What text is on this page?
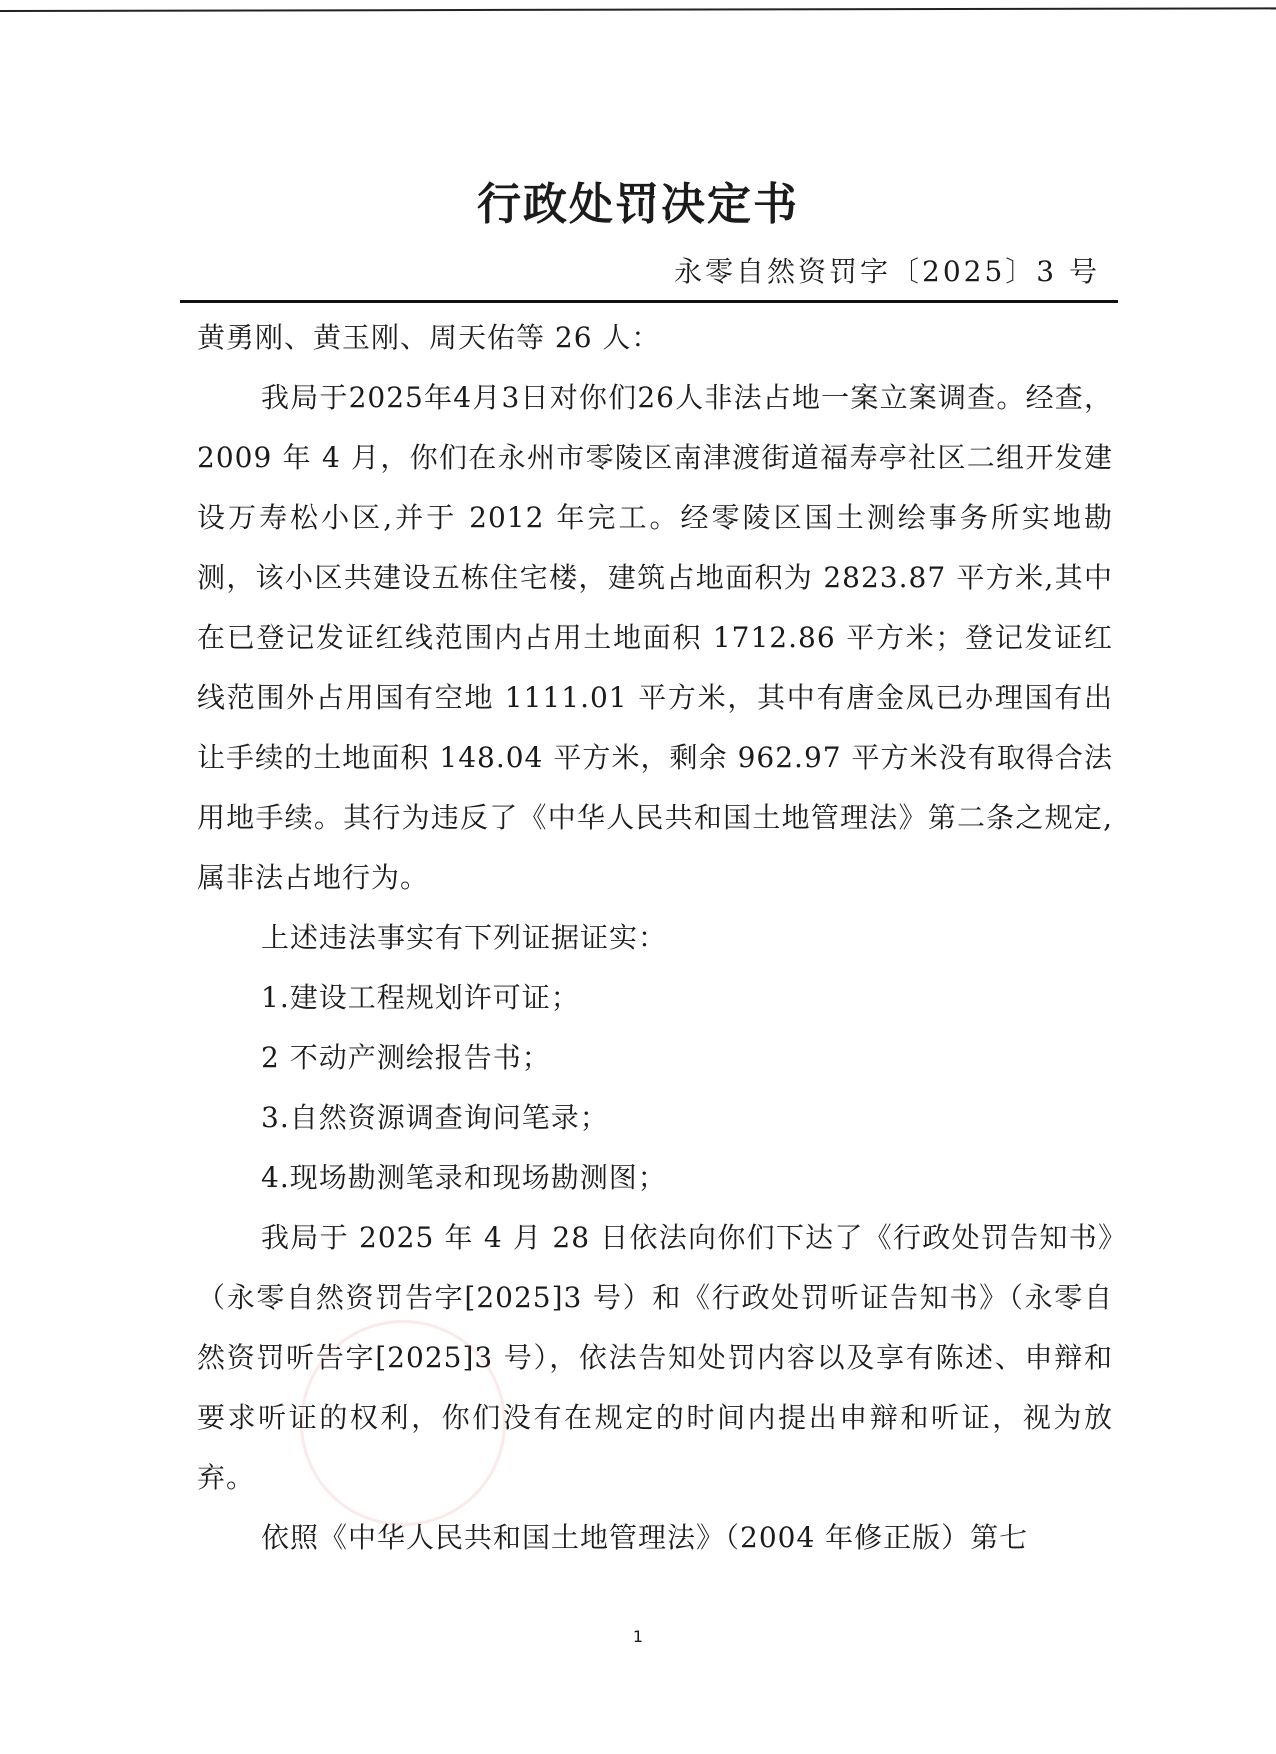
行政处罚决定书
永零自然资罚字〔2025〕3 号

黄勇刚、黄玉刚、周天佑等 26 人：

我局于2025年4月3日对你们26人非法占地一案立案调查。经查，2009 年 4 月，你们在永州市零陵区南津渡街道福寿亭社区二组开发建设万寿松小区,并于 2012 年完工。经零陵区国土测绘事务所实地勘测，该小区共建设五栋住宅楼，建筑占地面积为 2823.87 平方米,其中在已登记发证红线范围内占用土地面积 1712.86 平方米；登记发证红线范围外占用国有空地 1111.01 平方米，其中有唐金凤已办理国有出让手续的土地面积 148.04 平方米，剩余 962.97 平方米没有取得合法用地手续。其行为违反了《中华人民共和国土地管理法》第二条之规定,属非法占地行为。

上述违法事实有下列证据证实：

1.建设工程规划许可证；

2 不动产测绘报告书；

3.自然资源调查询问笔录；

4.现场勘测笔录和现场勘测图；

我局于 2025 年 4 月 28 日依法向你们下达了《行政处罚告知书》（永零自然资罚告字[2025]3 号）和《行政处罚听证告知书》（永零自然资罚听告字[2025]3 号），依法告知处罚内容以及享有陈述、申辩和要求听证的权利，你们没有在规定的时间内提出申辩和听证，视为放弃。

依照《中华人民共和国土地管理法》（2004 年修正版）第七

1
